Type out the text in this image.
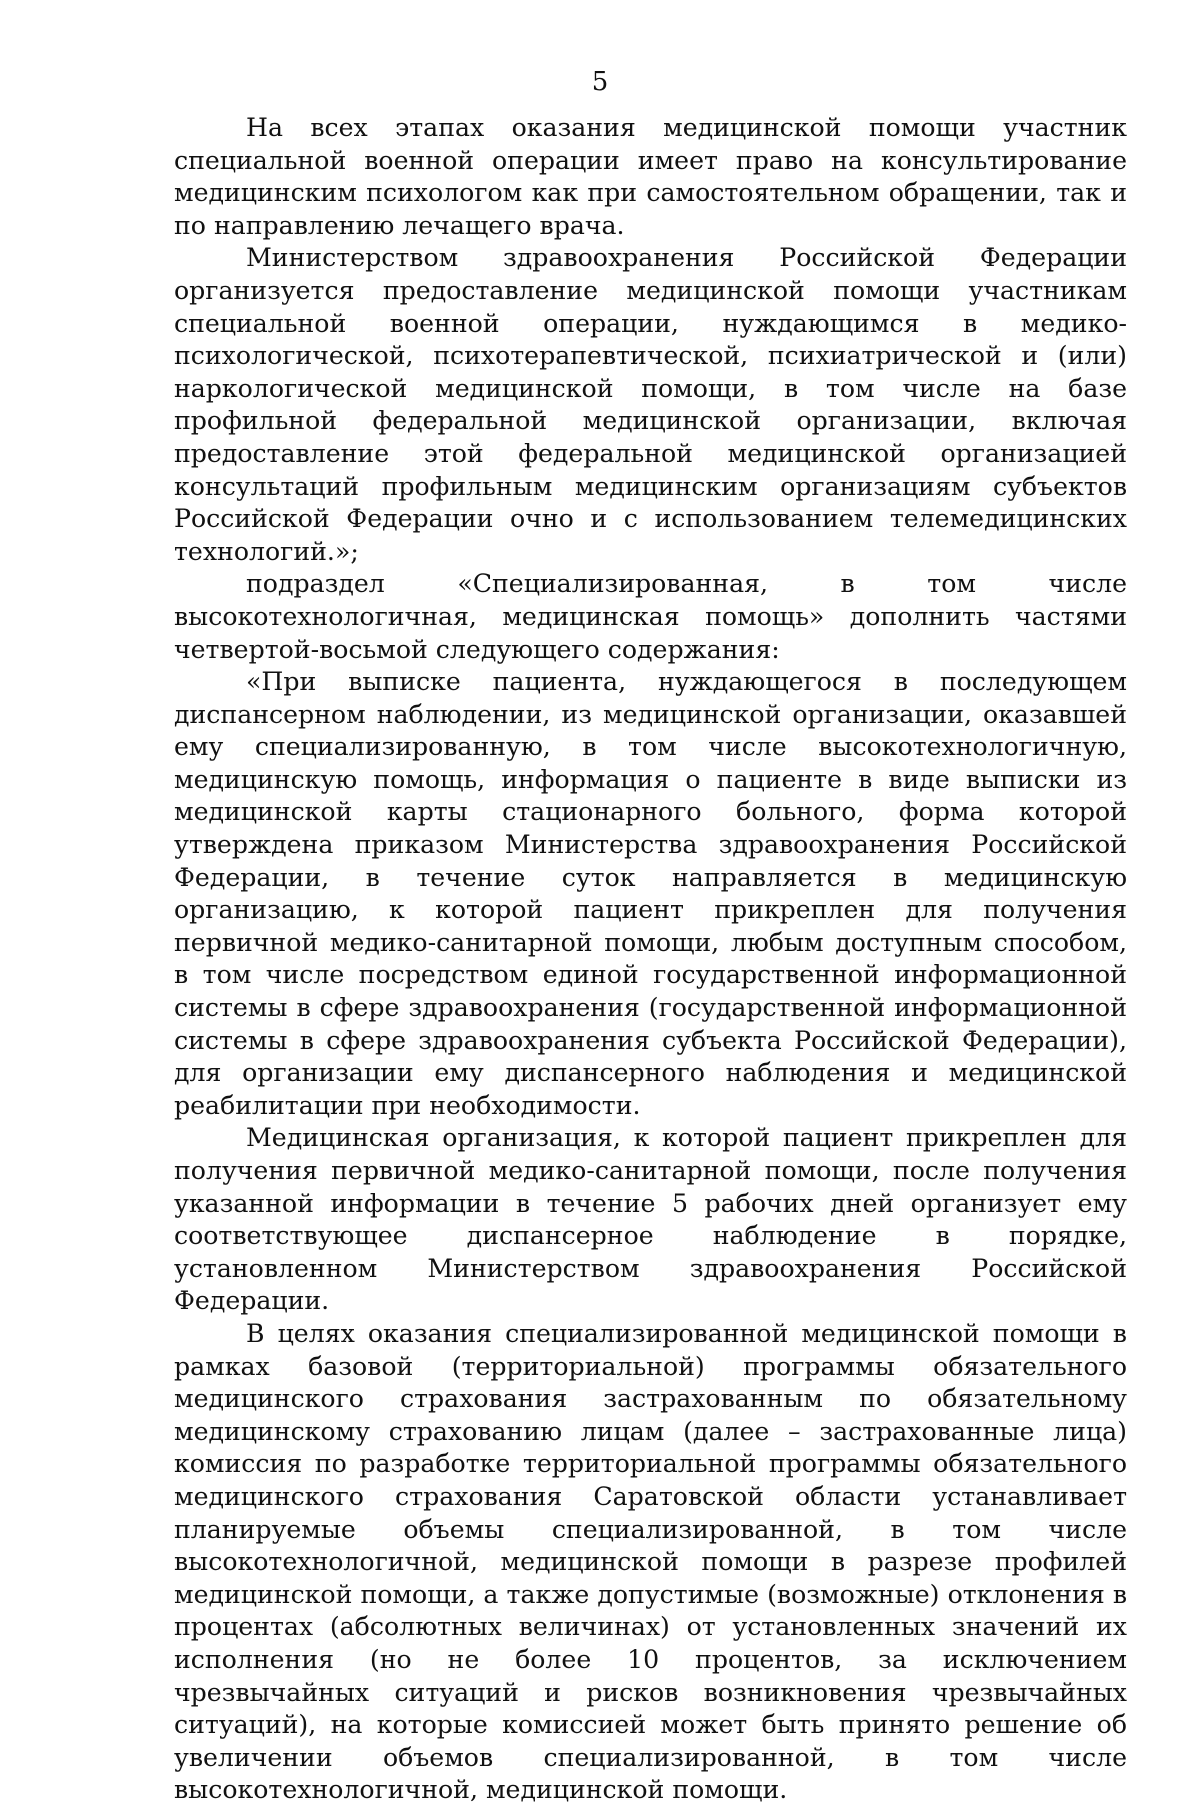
5

На всех этапах оказания медицинской помощи участник специальной военной операции имеет право на консультирование медицинским психологом как при самостоятельном обращении, так и по направлению лечащего врача.

Министерством здравоохранения Российской Федерации организуется предоставление медицинской помощи участникам специальной военной операции, нуждающимся в медико-психологической, психотерапевтической, психиатрической и (или) наркологической медицинской помощи, в том числе на базе профильной федеральной медицинской организации, включая предоставление этой федеральной медицинской организацией консультаций профильным медицинским организациям субъектов Российской Федерации очно и с использованием телемедицинских технологий.»;

подраздел «Специализированная, в том числе высокотехнологичная, медицинская помощь» дополнить частями четвертой-восьмой следующего содержания:

«При выписке пациента, нуждающегося в последующем диспансерном наблюдении, из медицинской организации, оказавшей ему специализированную, в том числе высокотехнологичную, медицинскую помощь, информация о пациенте в виде выписки из медицинской карты стационарного больного, форма которой утверждена приказом Министерства здравоохранения Российской Федерации, в течение суток направляется в медицинскую организацию, к которой пациент прикреплен для получения первичной медико-санитарной помощи, любым доступным способом, в том числе посредством единой государственной информационной системы в сфере здравоохранения (государственной информационной системы в сфере здравоохранения субъекта Российской Федерации), для организации ему диспансерного наблюдения и медицинской реабилитации при необходимости.

Медицинская организация, к которой пациент прикреплен для получения первичной медико-санитарной помощи, после получения указанной информации в течение 5 рабочих дней организует ему соответствующее диспансерное наблюдение в порядке, установленном Министерством здравоохранения Российской Федерации.

В целях оказания специализированной медицинской помощи в рамках базовой (территориальной) программы обязательного медицинского страхования застрахованным по обязательному медицинскому страхованию лицам (далее – застрахованные лица) комиссия по разработке территориальной программы обязательного медицинского страхования Саратовской области устанавливает планируемые объемы специализированной, в том числе высокотехнологичной, медицинской помощи в разрезе профилей медицинской помощи, а также допустимые (возможные) отклонения в процентах (абсолютных величинах) от установленных значений их исполнения (но не более 10 процентов, за исключением чрезвычайных ситуаций и рисков возникновения чрезвычайных ситуаций), на которые комиссией может быть принято решение об увеличении объемов специализированной, в том числе высокотехнологичной, медицинской помощи.
